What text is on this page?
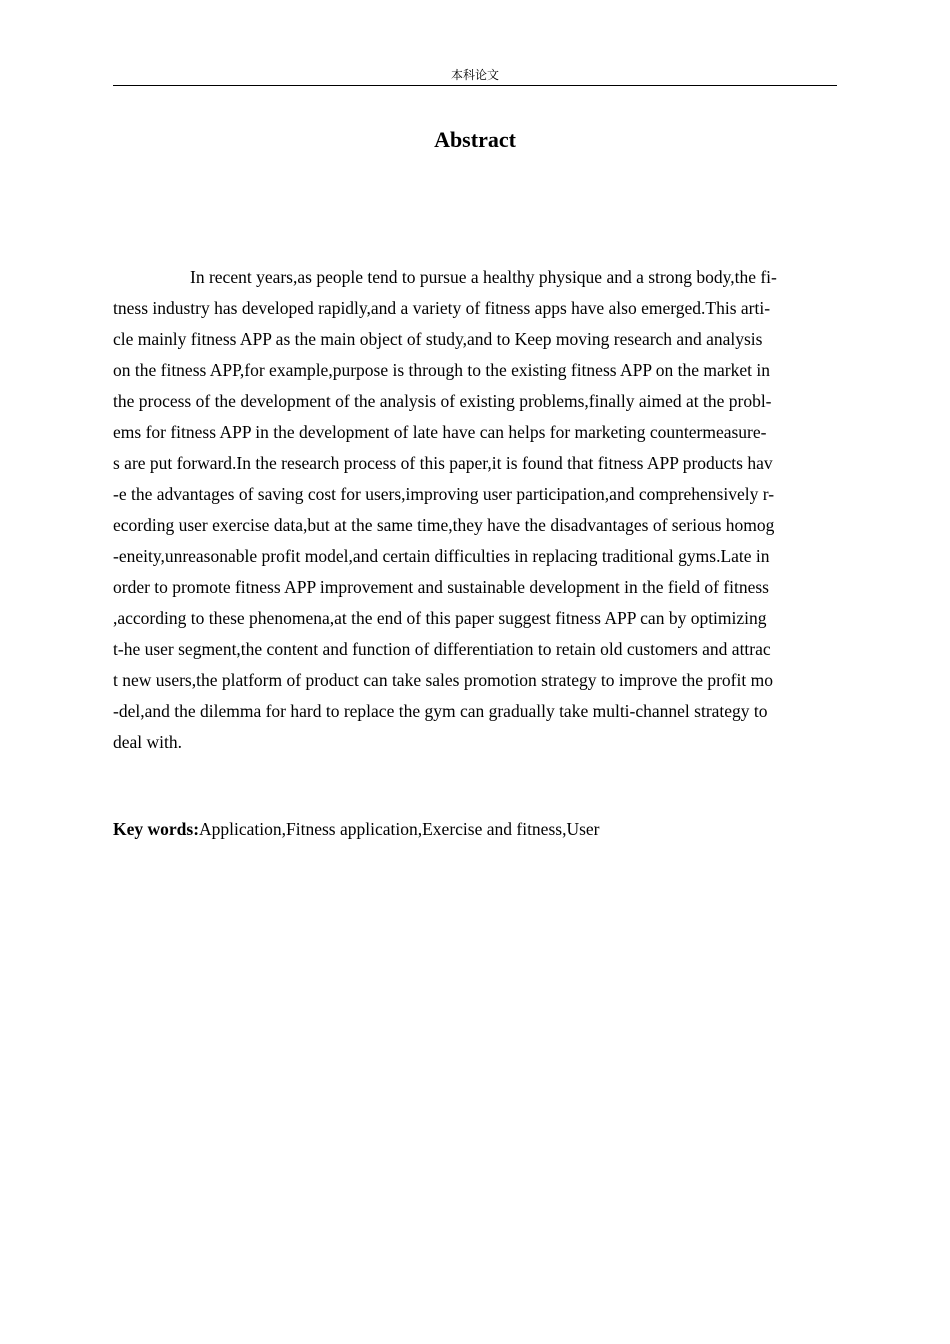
本科论文
Abstract
In recent years,as people tend to pursue a healthy physique and a strong body,the fi-
tness industry has developed rapidly,and a variety of fitness apps have also emerged.This arti-
cle mainly fitness APP as the main object of study,and to Keep moving research and analysis
on the fitness APP,for example,purpose is through to the existing fitness APP on the market in
the process of the development of the analysis of existing problems,finally aimed at the probl-
ems for fitness APP in the development of late have can helps for marketing countermeasure-
s are put forward.In the research process of this paper,it is found that fitness APP products hav
-e the advantages of saving cost for users,improving user participation,and comprehensively r-
ecording user exercise data,but at the same time,they have the disadvantages of serious homog
-eneity,unreasonable profit model,and certain difficulties in replacing traditional gyms.Late in
order to promote fitness APP improvement and sustainable development in the field of fitness
,according to these phenomena,at the end of this paper suggest fitness APP can by optimizing
t-he user segment,the content and function of differentiation to retain old customers and attrac
t new users,the platform of product can take sales promotion strategy to improve the profit mo
-del,and the dilemma for hard to replace the gym can gradually take multi-channel strategy to
deal with.
Key words:Application,Fitness application,Exercise and fitness,User
